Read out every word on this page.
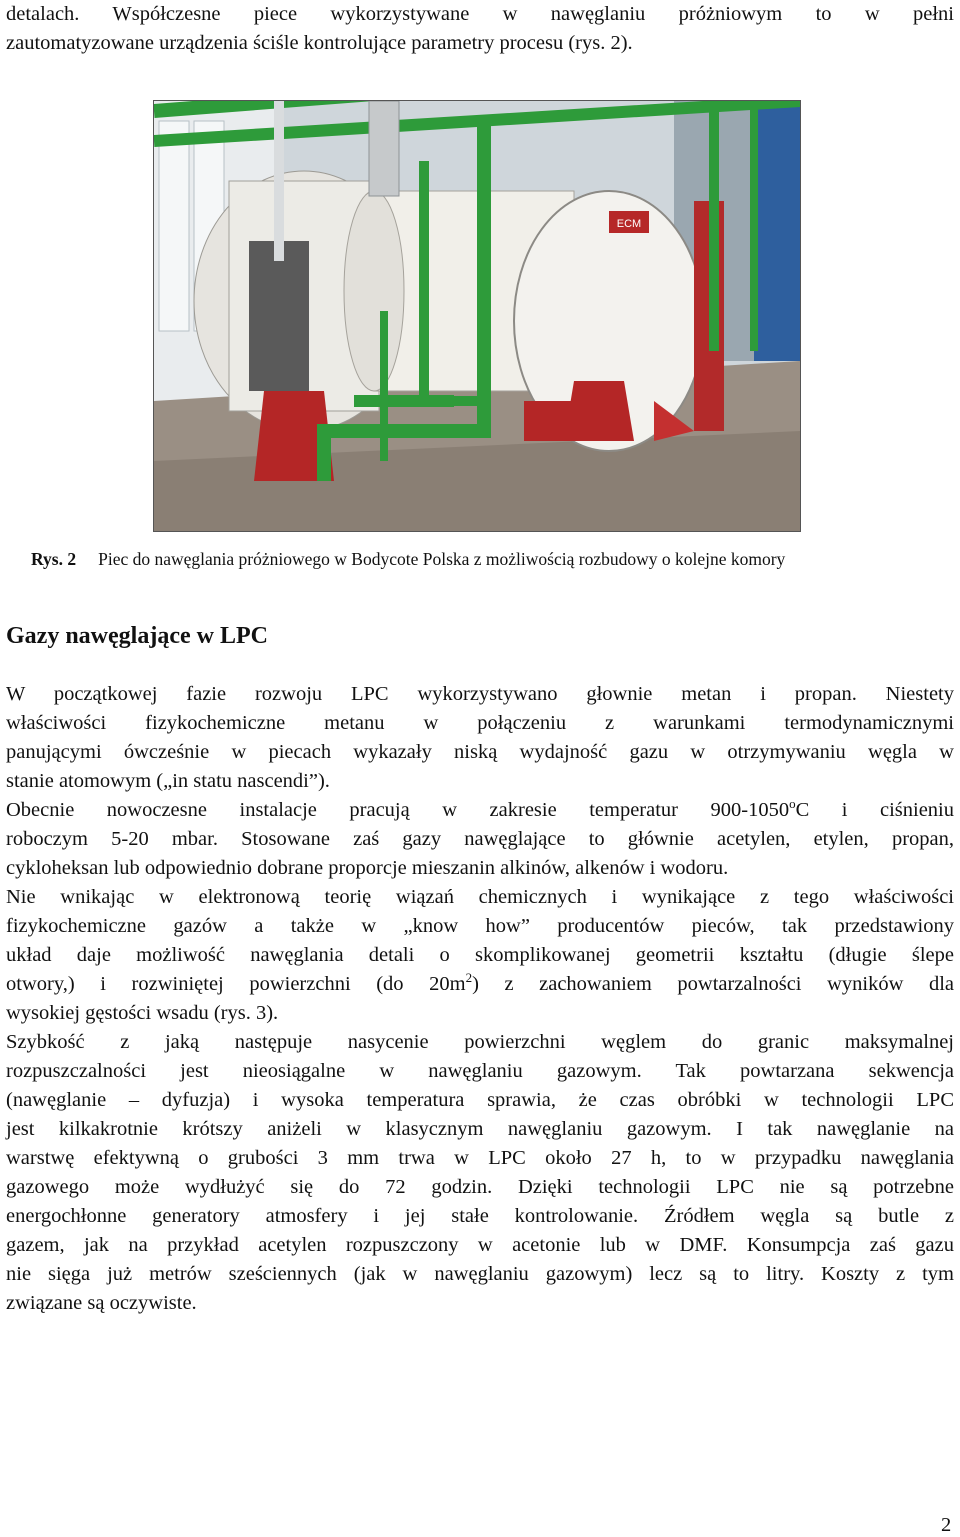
detalach. Współczesne piece wykorzystywane w nawęglaniu próżniowym to w pełni
zautomatyzowane urządzenia ściśle kontrolujące parametry procesu (rys. 2).
ECM
Rys. 2 Piec do nawęglania próżniowego w Bodycote Polska z możliwością rozbudowy o kolejne komory
Gazy nawęglające w LPC
W początkowej fazie rozwoju LPC wykorzystywano głownie metan i propan. Niestety
właściwości fizykochemiczne metanu w połączeniu z warunkami termodynamicznymi
panującymi ówcześnie w piecach wykazały niską wydajność gazu w otrzymywaniu węgla w
stanie atomowym („in statu nascendi”).
Obecnie nowoczesne instalacje pracują w zakresie temperatur 900-1050$^o$C i ciśnieniu
roboczym 5-20 mbar. Stosowane zaś gazy nawęglające to głównie acetylen, etylen, propan,
cykloheksan lub odpowiednio dobrane proporcje mieszanin alkinów, alkenów i wodoru.
Nie wnikając w elektronową teorię wiązań chemicznych i wynikające z tego właściwości
fizykochemiczne gazów a także w „know how” producentów pieców, tak przedstawiony
układ daje możliwość nawęglania detali o skomplikowanej geometrii kształtu (długie ślepe
otwory,) i rozwiniętej powierzchni (do $20m^2$) z zachowaniem powtarzalności wyników dla
wysokiej gęstości wsadu (rys. 3).
Szybkość z jaką następuje nasycenie powierzchni węglem do granic maksymalnej
rozpuszczalności jest nieosiągalne w nawęglaniu gazowym. Tak powtarzana sekwencja
(nawęglanie – dyfuzja) i wysoka temperatura sprawia, że czas obróbki w technologii LPC
jest kilkakrotnie krótszy aniżeli w klasycznym nawęglaniu gazowym. I tak nawęglanie na
warstwę efektywną o grubości 3 mm trwa w LPC około 27 h, to w przypadku nawęglania
gazowego może wydłużyć się do 72 godzin. Dzięki technologii LPC nie są potrzebne
energochłonne generatory atmosfery i jej stałe kontrolowanie. Źródłem węgla są butle z
gazem, jak na przykład acetylen rozpuszczony w acetonie lub w DMF. Konsumpcja zaś gazu
nie sięga już metrów sześciennych (jak w nawęglaniu gazowym) lecz są to litry. Koszty z tym
związane są oczywiste.
2
